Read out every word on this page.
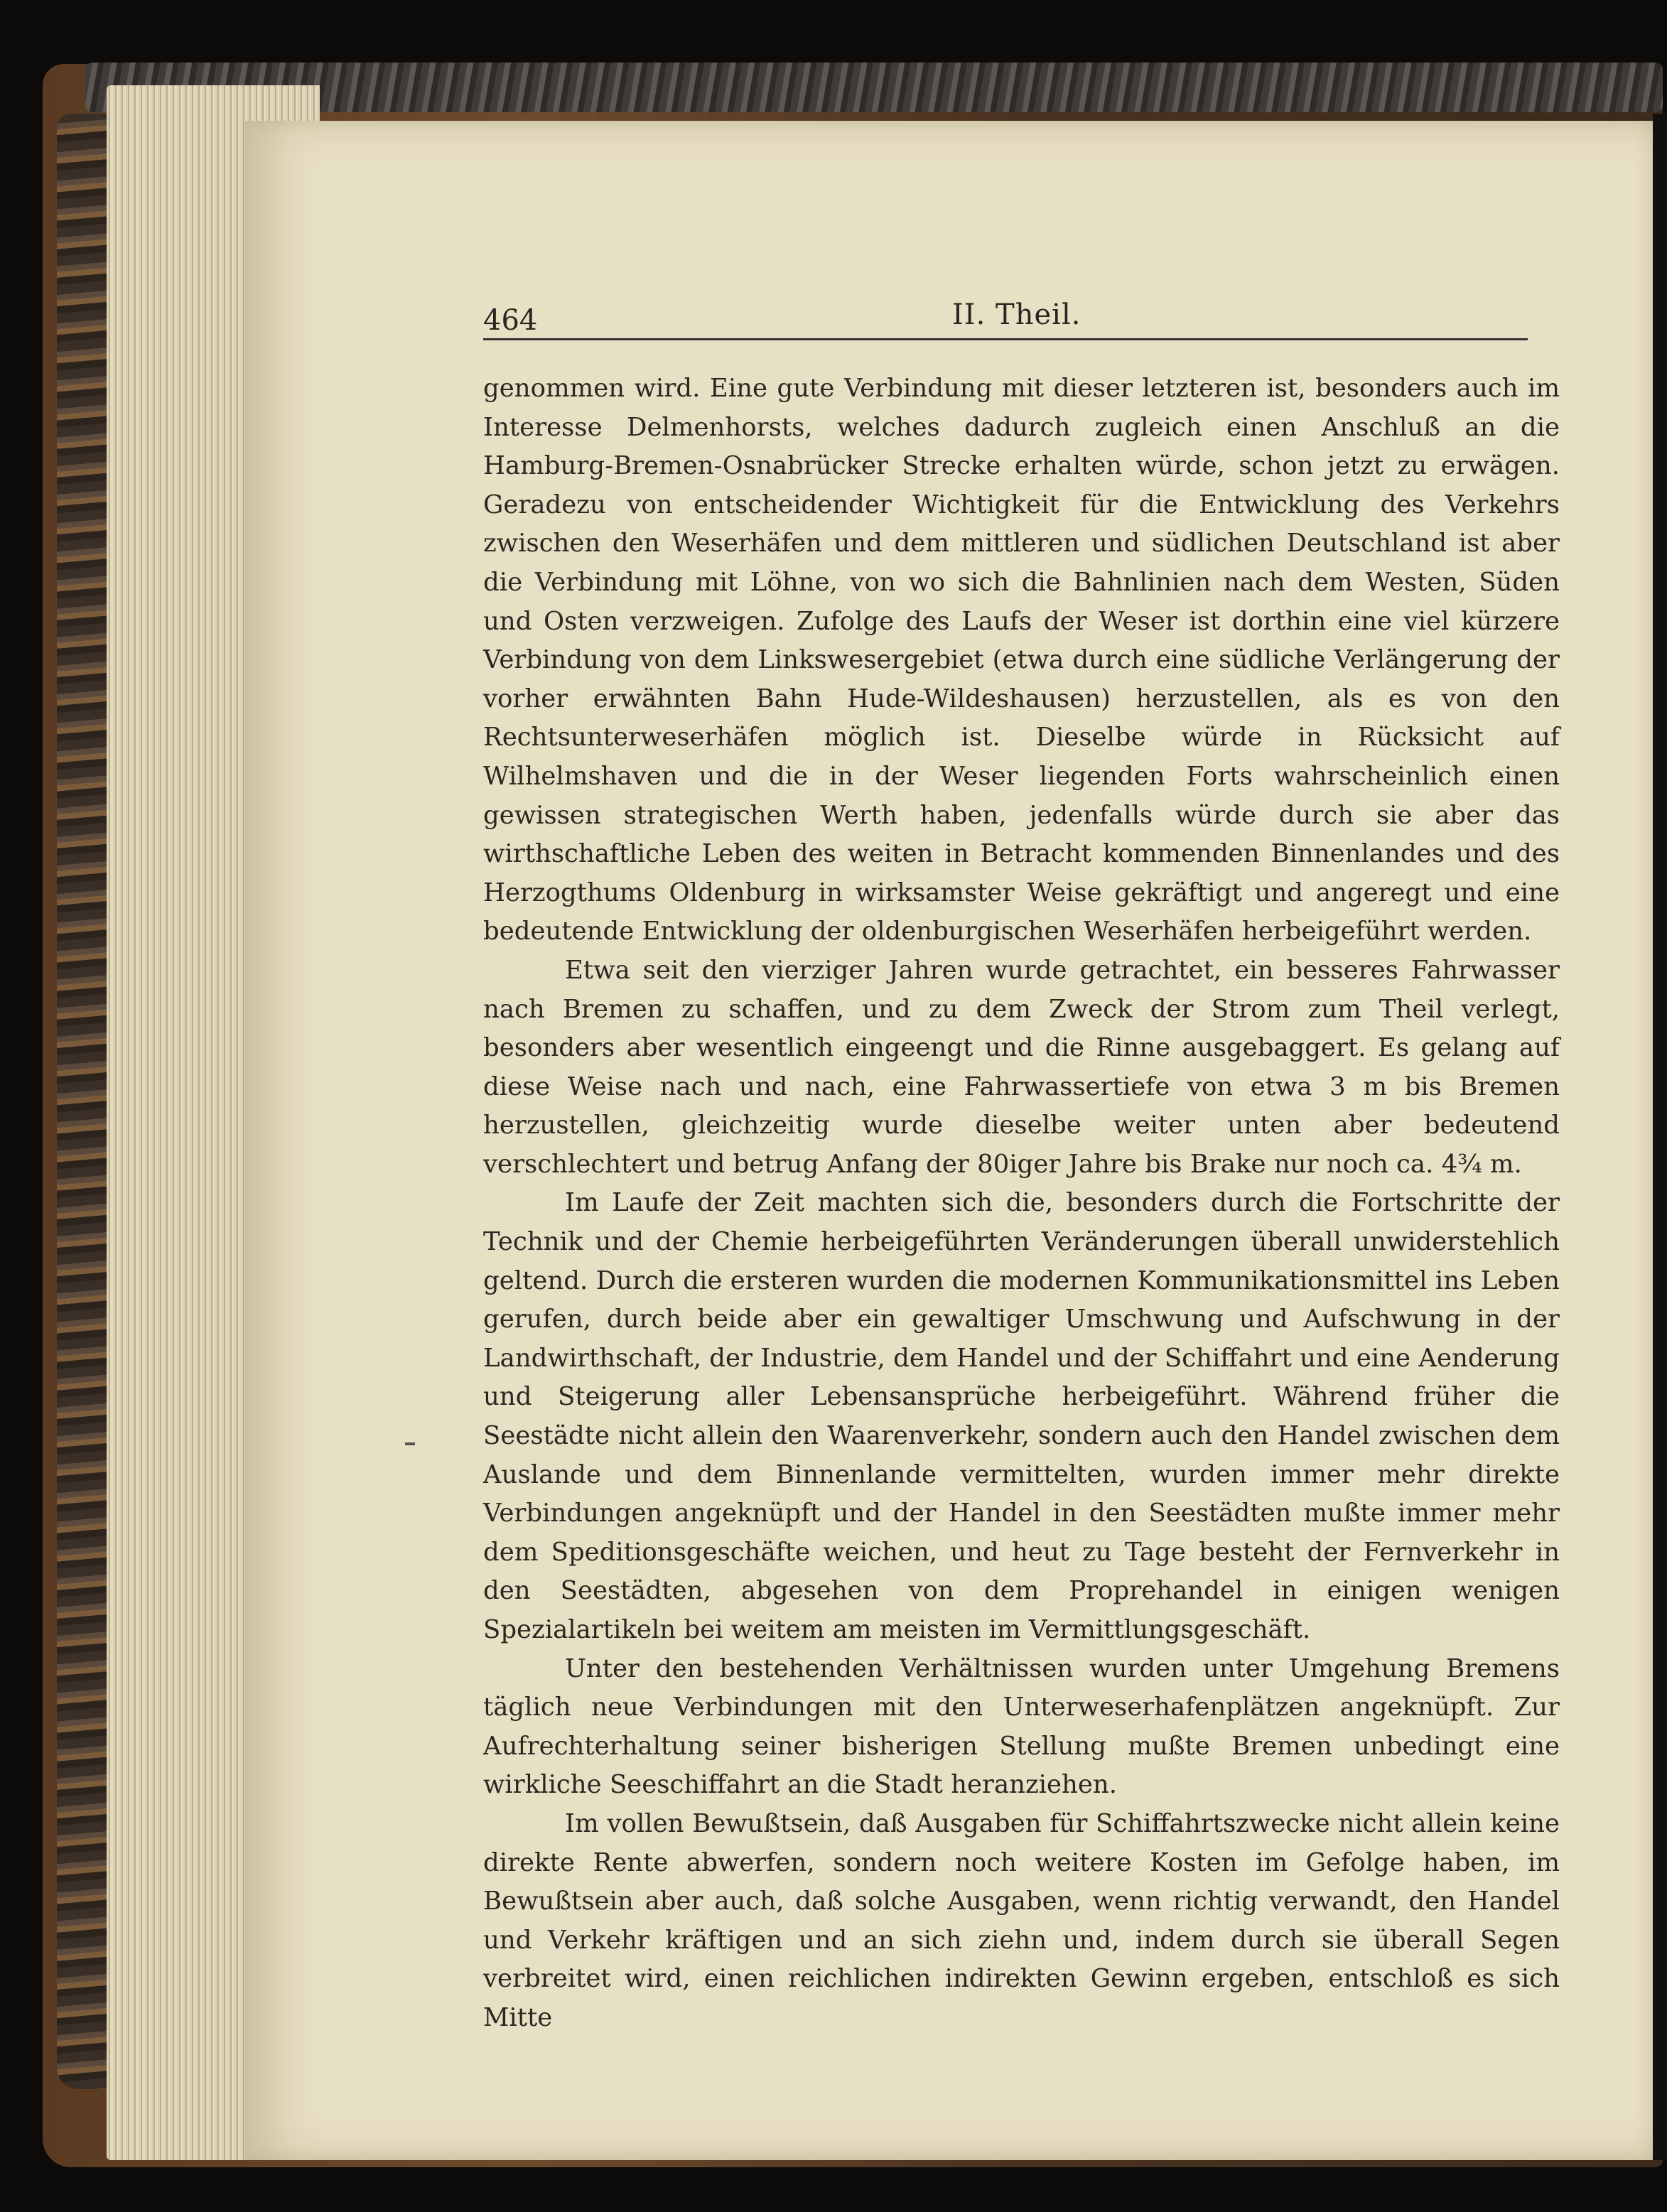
464	II. Theil.

genommen wird. Eine gute Verbindung mit dieser letzteren ist, besonders auch im Interesse Delmenhorsts, welches dadurch zugleich einen Anschluß an die Hamburg-Bremen-Osnabrücker Strecke erhalten würde, schon jetzt zu erwägen. Geradezu von entscheidender Wichtigkeit für die Entwicklung des Verkehrs zwischen den Weserhäfen und dem mittleren und südlichen Deutschland ist aber die Verbindung mit Löhne, von wo sich die Bahnlinien nach dem Westen, Süden und Osten verzweigen. Zufolge des Laufs der Weser ist dorthin eine viel kürzere Verbindung von dem Linkswesergebiet (etwa durch eine südliche Verlängerung der vorher erwähnten Bahn Hude-Wildeshausen) herzustellen, als es von den Rechtsunterweserhäfen möglich ist. Dieselbe würde in Rücksicht auf Wilhelmshaven und die in der Weser liegenden Forts wahrscheinlich einen gewissen strategischen Werth haben, jedenfalls würde durch sie aber das wirthschaftliche Leben des weiten in Betracht kommenden Binnenlandes und des Herzogthums Oldenburg in wirksamster Weise gekräftigt und angeregt und eine bedeutende Entwicklung der oldenburgischen Weserhäfen herbeigeführt werden.

Etwa seit den vierziger Jahren wurde getrachtet, ein besseres Fahrwasser nach Bremen zu schaffen, und zu dem Zweck der Strom zum Theil verlegt, besonders aber wesentlich eingeengt und die Rinne ausgebaggert. Es gelang auf diese Weise nach und nach, eine Fahrwassertiefe von etwa 3 m bis Bremen herzustellen, gleichzeitig wurde dieselbe weiter unten aber bedeutend verschlechtert und betrug Anfang der 80iger Jahre bis Brake nur noch ca. 4¾ m.

Im Laufe der Zeit machten sich die, besonders durch die Fortschritte der Technik und der Chemie herbeigeführten Veränderungen überall unwiderstehlich geltend. Durch die ersteren wurden die modernen Kommunikationsmittel ins Leben gerufen, durch beide aber ein gewaltiger Umschwung und Aufschwung in der Landwirthschaft, der Industrie, dem Handel und der Schiffahrt und eine Aenderung und Steigerung aller Lebensansprüche herbeigeführt. Während früher die Seestädte nicht allein den Waarenverkehr, sondern auch den Handel zwischen dem Auslande und dem Binnenlande vermittelten, wurden immer mehr direkte Verbindungen angeknüpft und der Handel in den Seestädten mußte immer mehr dem Speditionsgeschäfte weichen, und heut zu Tage besteht der Fernverkehr in den Seestädten, abgesehen von dem Proprehandel in einigen wenigen Spezialartikeln bei weitem am meisten im Vermittlungsgeschäft.

Unter den bestehenden Verhältnissen wurden unter Umgehung Bremens täglich neue Verbindungen mit den Unterweserhafenplätzen angeknüpft. Zur Aufrechterhaltung seiner bisherigen Stellung mußte Bremen unbedingt eine wirkliche Seeschiffahrt an die Stadt heranziehen.

Im vollen Bewußtsein, daß Ausgaben für Schiffahrtszwecke nicht allein keine direkte Rente abwerfen, sondern noch weitere Kosten im Gefolge haben, im Bewußtsein aber auch, daß solche Ausgaben, wenn richtig verwandt, den Handel und Verkehr kräftigen und an sich ziehn und, indem durch sie überall Segen verbreitet wird, einen reichlichen indirekten Gewinn ergeben, entschloß es sich Mitte
